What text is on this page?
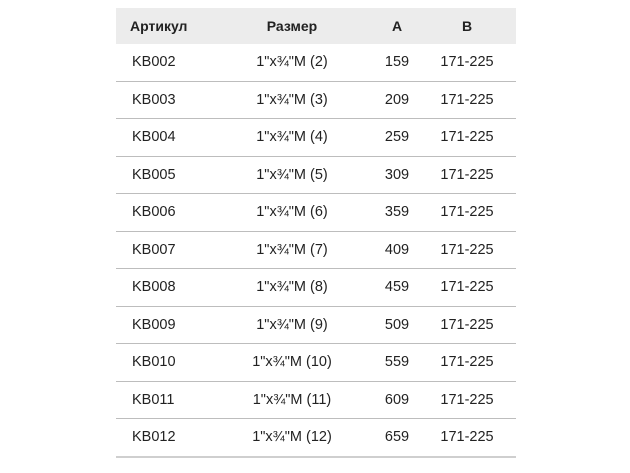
Артикул	Размер	A	B
KB002	1"x¾"M (2)	159	171-225
KB003	1"x¾"M (3)	209	171-225
KB004	1"x¾"M (4)	259	171-225
KB005	1"x¾"M (5)	309	171-225
KB006	1"x¾"M (6)	359	171-225
KB007	1"x¾"M (7)	409	171-225
KB008	1"x¾"M (8)	459	171-225
KB009	1"x¾"M (9)	509	171-225
KB010	1"x¾"M (10)	559	171-225
KB011	1"x¾"M (11)	609	171-225
KB012	1"x¾"M (12)	659	171-225
